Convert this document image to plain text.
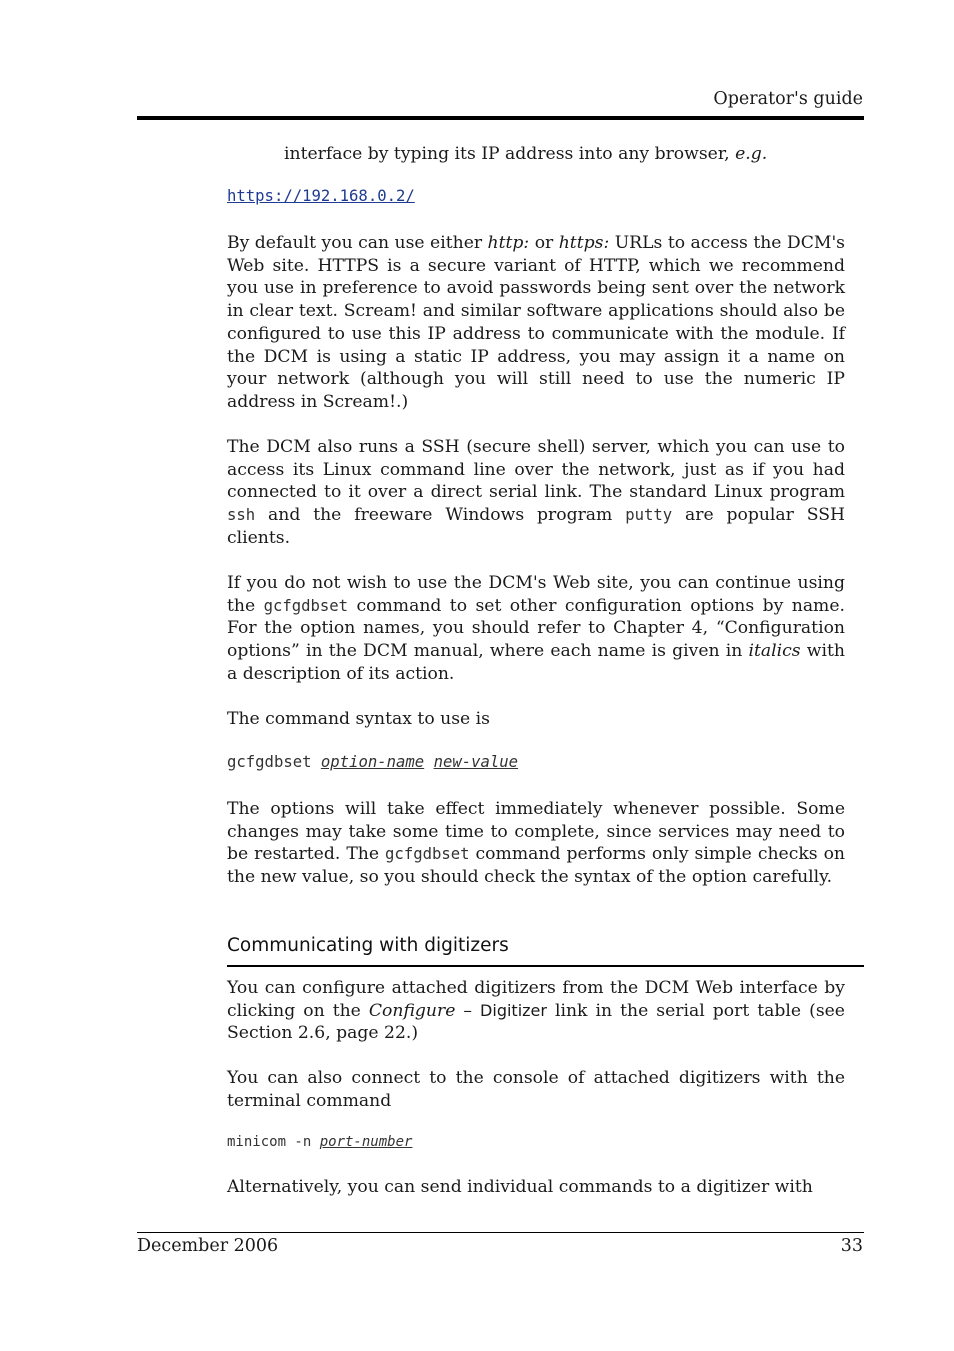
Operator's guide
interface by typing its IP address into any browser, e.g.
https://192.168.0.2/
By default you can use either http: or https: URLs to access the DCM's Web site. HTTPS is a secure variant of HTTP, which we recommend you use in preference to avoid passwords being sent over the network in clear text. Scream! and similar software applications should also be configured to use this IP address to communicate with the module. If the DCM is using a static IP address, you may assign it a name on your network (although you will still need to use the numeric IP address in Scream!.)
The DCM also runs a SSH (secure shell) server, which you can use to access its Linux command line over the network, just as if you had connected to it over a direct serial link. The standard Linux program ssh and the freeware Windows program putty are popular SSH clients.
If you do not wish to use the DCM's Web site, you can continue using the gcfgdbset command to set other configuration options by name. For the option names, you should refer to Chapter 4, “Configuration options” in the DCM manual, where each name is given in italics with a description of its action.
The command syntax to use is
gcfgdbset option-name new-value
The options will take effect immediately whenever possible. Some changes may take some time to complete, since services may need to be restarted. The gcfgdbset command performs only simple checks on the new value, so you should check the syntax of the option carefully.
Communicating with digitizers
You can configure attached digitizers from the DCM Web interface by clicking on the Configure – Digitizer link in the serial port table (see Section 2.6, page 22.)
You can also connect to the console of attached digitizers with the terminal command
minicom -n port-number
Alternatively, you can send individual commands to a digitizer with
December 2006	33
